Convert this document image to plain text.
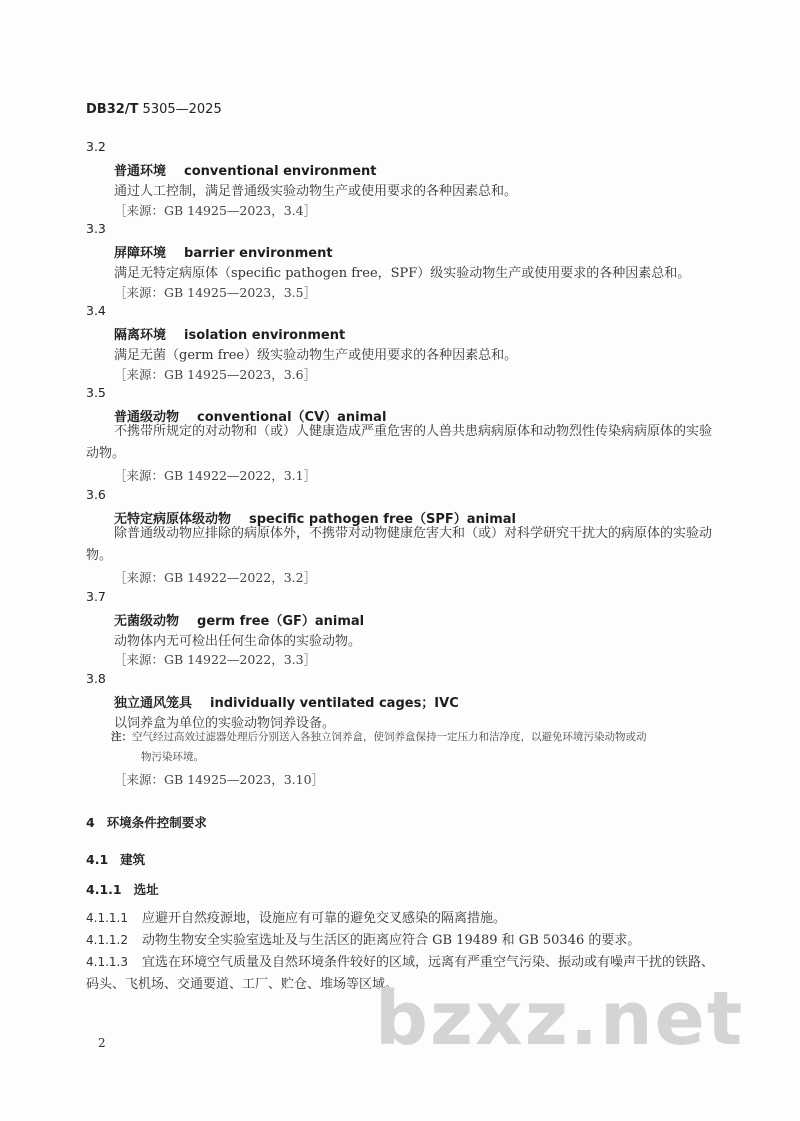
DB32/T 5305—2025
3.2
普通环境 conventional environment
通过人工控制，满足普通级实验动物生产或使用要求的各种因素总和。
［来源：GB 14925—2023，3.4］
3.3
屏障环境 barrier environment
满足无特定病原体（specific pathogen free，SPF）级实验动物生产或使用要求的各种因素总和。
［来源：GB 14925—2023，3.5］
3.4
隔离环境 isolation environment
满足无菌（germ free）级实验动物生产或使用要求的各种因素总和。
［来源：GB 14925—2023，3.6］
3.5
普通级动物 conventional（CV）animal
不携带所规定的对动物和（或）人健康造成严重危害的人兽共患病病原体和动物烈性传染病病原体的实验动物。
［来源：GB 14922—2022，3.1］
3.6
无特定病原体级动物 specific pathogen free（SPF）animal
除普通级动物应排除的病原体外，不携带对动物健康危害大和（或）对科学研究干扰大的病原体的实验动物。
［来源：GB 14922—2022，3.2］
3.7
无菌级动物 germ free（GF）animal
动物体内无可检出任何生命体的实验动物。
［来源：GB 14922—2022，3.3］
3.8
独立通风笼具 individually ventilated cages；IVC
以饲养盒为单位的实验动物饲养设备。
注：空气经过高效过滤器处理后分别送入各独立饲养盒，使饲养盒保持一定压力和洁净度，以避免环境污染动物或动
物污染环境。
［来源：GB 14925—2023，3.10］
4 环境条件控制要求
4.1 建筑
4.1.1 选址
4.1.1.1 应避开自然疫源地，设施应有可靠的避免交叉感染的隔离措施。
4.1.1.2 动物生物安全实验室选址及与生活区的距离应符合 GB 19489 和 GB 50346 的要求。
4.1.1.3 宜选在环境空气质量及自然环境条件较好的区域，远离有严重空气污染、振动或有噪声干扰的铁路、码头、飞机场、交通要道、工厂、贮仓、堆场等区域。
bzxz.net
2
